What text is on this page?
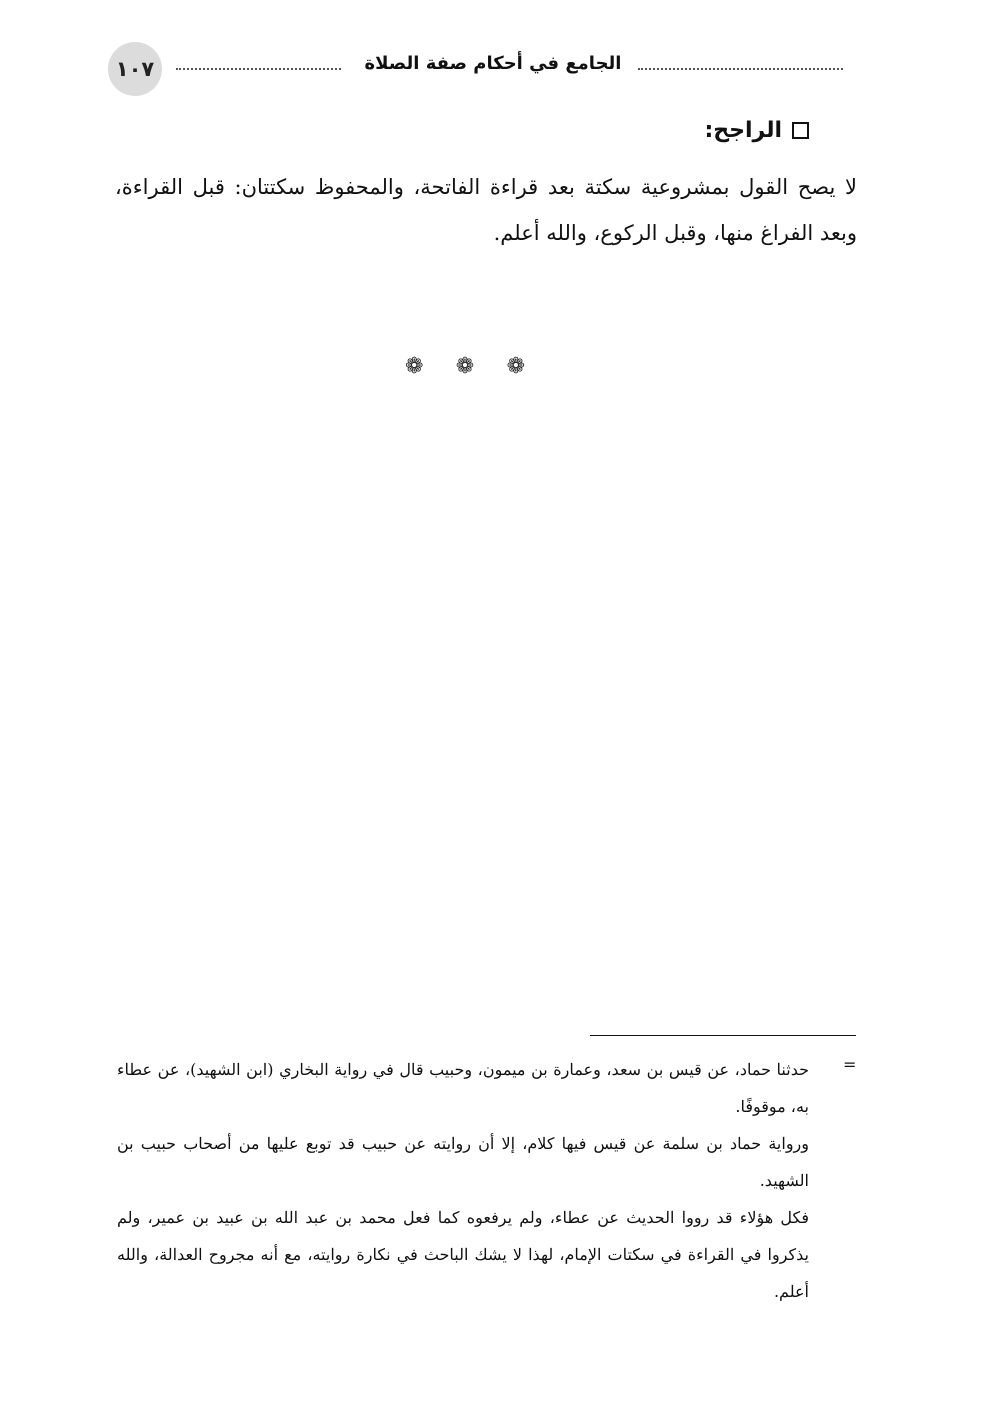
١٠٧	الجامع في أحكام صفة الصلاة
الراجح:
لا يصح القول بمشروعية سكتة بعد قراءة الفاتحة، والمحفوظ سكتتان: قبل القراءة، وبعد الفراغ منها، وقبل الركوع، والله أعلم.
❁ ❁ ❁
=

حدثنا حماد، عن قيس بن سعد، وعمارة بن ميمون، وحبيب قال في رواية البخاري (ابن الشهيد)، عن عطاء به، موقوفًا.

ورواية حماد بن سلمة عن قيس فيها كلام، إلا أن روايته عن حبيب قد توبع عليها من أصحاب حبيب بن الشهيد.

فكل هؤلاء قد رووا الحديث عن عطاء، ولم يرفعوه كما فعل محمد بن عبد الله بن عبيد بن عمير، ولم يذكروا في القراءة في سكتات الإمام، لهذا لا يشك الباحث في نكارة روايته، مع أنه مجروح العدالة، والله أعلم.
